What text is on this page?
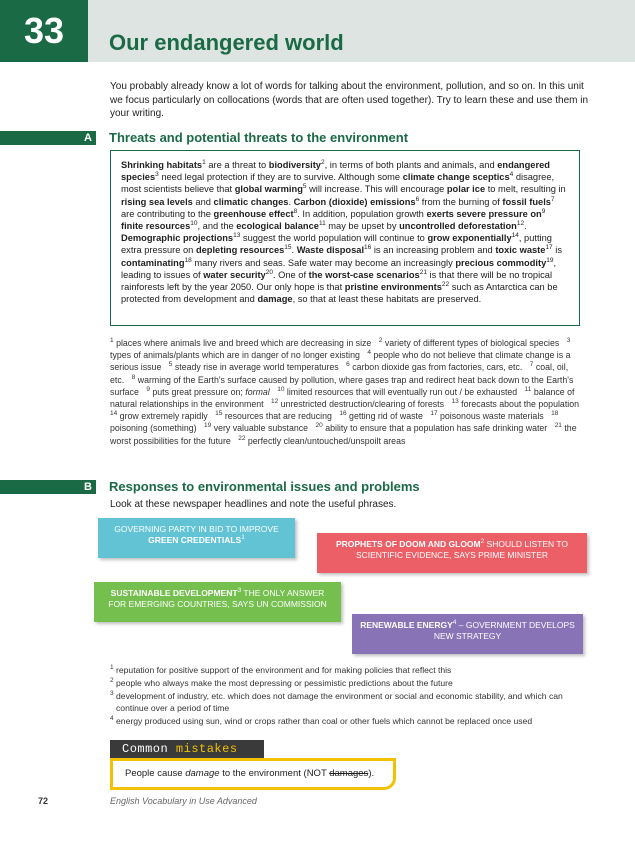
33	Our endangered world
You probably already know a lot of words for talking about the environment, pollution, and so on. In this unit we focus particularly on collocations (words that are often used together). Try to learn these and use them in your writing.
A Threats and potential threats to the environment
Shrinking habitats$^1$ are a threat to biodiversity$^2$, in terms of both plants and animals, and endangered species$^3$ need legal protection if they are to survive. Although some climate change sceptics$^4$ disagree, most scientists believe that global warming$^5$ will increase. This will encourage polar ice to melt, resulting in rising sea levels and climatic changes. Carbon (dioxide) emissions$^6$ from the burning of fossil fuels$^7$ are contributing to the greenhouse effect$^8$. In addition, population growth exerts severe pressure $on^9$ finite resources$^{10}$, and the ecological balance$^{11}$ may be upset by uncontrolled deforestation$^{12}$. Demographic projections$^{13}$ suggest the world population will continue to grow exponentially$^{14}$, putting extra pressure on depleting resources$^{15}$. Waste disposal$^{16}$ is an increasing problem and toxic waste$^{17}$ is contaminating$^{18}$ many rivers and seas. Safe water may become an increasingly precious commodity$^{19}$, leading to issues of water security$^{20}$. One of the worst-case scenarios$^{21}$ is that there will be no tropical rainforests left by the year 2050. Our only hope is that pristine environments$^{22}$ such as Antarctica can be protected from development and damage, so that at least these habitats are preserved.
$^1$ places where animals live and breed which are decreasing in size $^2$ variety of different types of biological species $^3$ types of animals/plants which are in danger of no longer existing $^4$ people who do not believe that climate change is a serious issue $^5$ steady rise in average world temperatures $^6$ carbon dioxide gas from factories, cars, etc. $^7$ coal, oil, etc. $^8$ warming of the Earth's surface caused by pollution, where gases trap and redirect heat back down to the Earth's surface $^9$ puts great pressure on; formal $^{10}$ limited resources that will eventually run out / be exhausted $^{11}$ balance of natural relationships in the environment $^{12}$ unrestricted destruction/clearing of forests $^{13}$ forecasts about the population $^{14}$ grow extremely rapidly $^{15}$ resources that are reducing $^{16}$ getting rid of waste $^{17}$ poisonous waste materials $^{18}$ poisoning (something) $^{19}$ very valuable substance $^{20}$ ability to ensure that a population has safe drinking water $^{21}$ the worst possibilities for the future $^{22}$ perfectly clean/untouched/unspoilt areas
B Responses to environmental issues and problems
Look at these newspaper headlines and note the useful phrases.
GOVERNING PARTY IN BID TO IMPROVE GREEN CREDENTIALS$^1$
PROPHETS OF DOOM AND GLOOM$^2$ SHOULD LISTEN TO SCIENTIFIC EVIDENCE, SAYS PRIME MINISTER
SUSTAINABLE DEVELOPMENT$^3$ THE ONLY ANSWER FOR EMERGING COUNTRIES, SAYS UN COMMISSION
RENEWABLE ENERGY$^4$ – GOVERNMENT DEVELOPS NEW STRATEGY
$^1$ reputation for positive support of the environment and for making policies that reflect this
$^2$ people who always make the most depressing or pessimistic predictions about the future
$^3$ development of industry, etc. which does not damage the environment or social and economic stability, and which can continue over a period of time
$^4$ energy produced using sun, wind or crops rather than coal or other fuels which cannot be replaced once used
Common mistakes
People cause damage to the environment (NOT damages).
72	English Vocabulary in Use Advanced
